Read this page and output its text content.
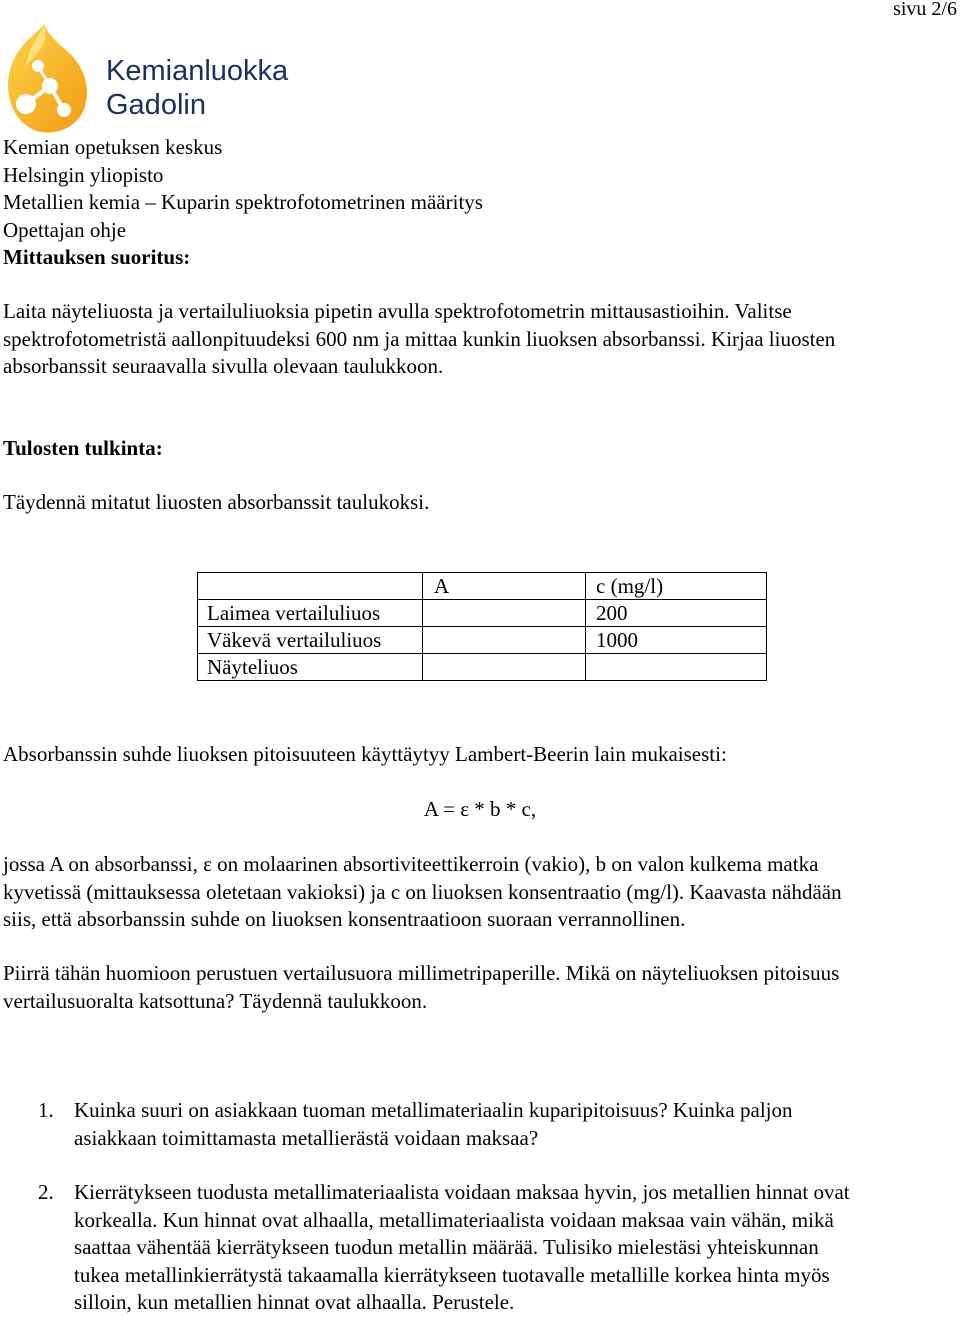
sivu 2/6
Kemianluokka
Gadolin
Kemian opetuksen keskus
Helsingin yliopisto
Metallien kemia – Kuparin spektrofotometrinen määritys
Opettajan ohje
Mittauksen suoritus:
Laita näyteliuosta ja vertailuliuoksia pipetin avulla spektrofotometrin mittausastioihin. Valitse
spektrofotometristä aallonpituudeksi 600 nm ja mittaa kunkin liuoksen absorbanssi. Kirjaa liuosten
absorbanssit seuraavalla sivulla olevaan taulukkoon.
Tulosten tulkinta:
Täydennä mitatut liuosten absorbanssit taulukoksi.
	A	c (mg/l)
Laimea vertailuliuos		200
Väkevä vertailuliuos		1000
Näyteliuos		
Absorbanssin suhde liuoksen pitoisuuteen käyttäytyy Lambert-Beerin lain mukaisesti:
A = ε * b * c,
jossa A on absorbanssi, ε on molaarinen absortiviteettikerroin (vakio), b on valon kulkema matka
kyvetissä (mittauksessa oletetaan vakioksi) ja c on liuoksen konsentraatio (mg/l). Kaavasta nähdään
siis, että absorbanssin suhde on liuoksen konsentraatioon suoraan verrannollinen.
Piirrä tähän huomioon perustuen vertailusuora millimetripaperille. Mikä on näyteliuoksen pitoisuus
vertailusuoralta katsottuna? Täydennä taulukkoon.
1. Kuinka suuri on asiakkaan tuoman metallimateriaalin kuparipitoisuus? Kuinka paljon
asiakkaan toimittamasta metallierästä voidaan maksaa?
2. Kierrätykseen tuodusta metallimateriaalista voidaan maksaa hyvin, jos metallien hinnat ovat
korkealla. Kun hinnat ovat alhaalla, metallimateriaalista voidaan maksaa vain vähän, mikä
saattaa vähentää kierrätykseen tuodun metallin määrää. Tulisiko mielestäsi yhteiskunnan
tukea metallinkierrätystä takaamalla kierrätykseen tuotavalle metallille korkea hinta myös
silloin, kun metallien hinnat ovat alhaalla. Perustele.
